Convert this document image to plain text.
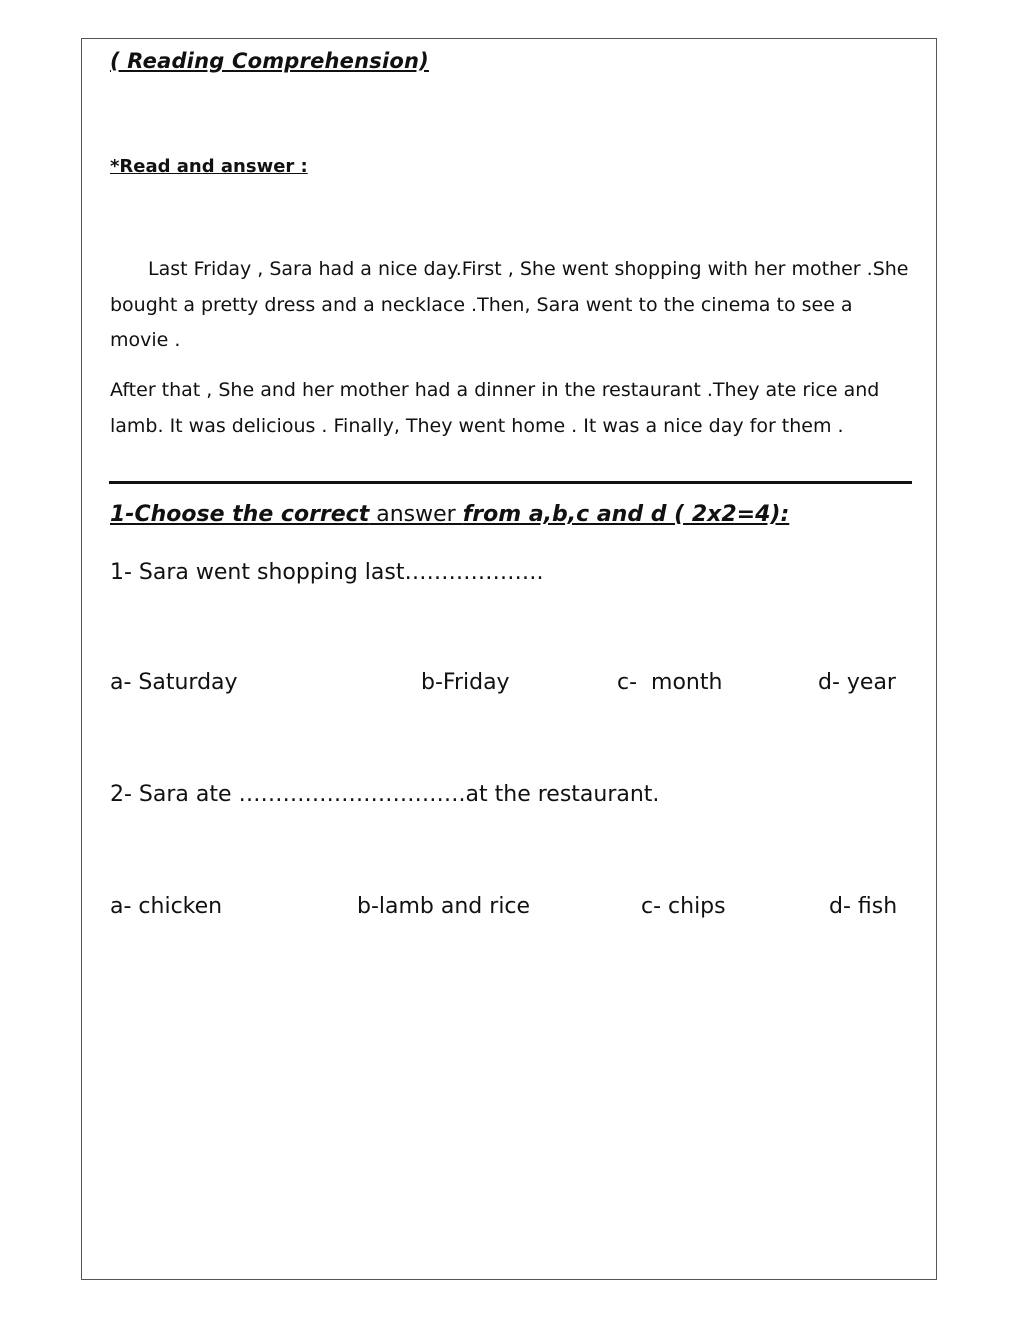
( Reading Comprehension)
*Read and answer :
Last Friday , Sara had a nice day.First , She went shopping with her mother .She bought a pretty dress and a necklace .Then, Sara went to the cinema to see a movie .
After that , She and her mother had a dinner in the restaurant .They ate rice and lamb. It was delicious . Finally, They went home . It was a nice day for them .
1-Choose the correct answer from a,b,c and d ( 2x2=4):
1- Sara went shopping last……………….
a- Saturday	b-Friday	c-  month	d- year
2- Sara ate ………………………….at the restaurant.
a- chicken	b-lamb and rice	c- chips	d- fish
